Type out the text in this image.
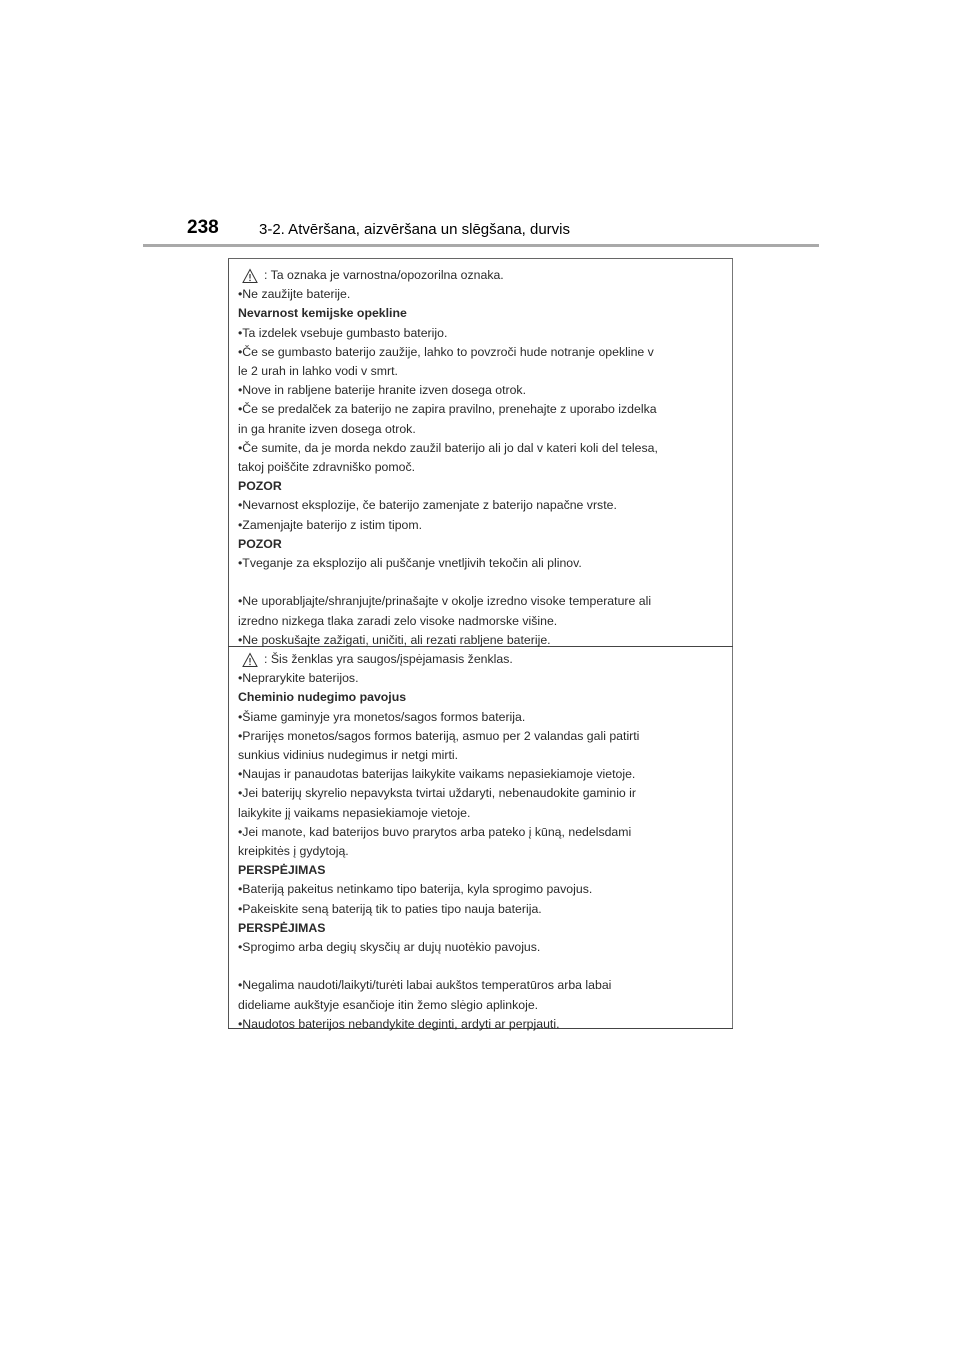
238	3-2. Atvēršana, aizvēršana un slēgšana, durvis

: Ta oznaka je varnostna/opozorilna oznaka.

•Ne zaužijte baterije.

Nevarnost kemijske opekline

•Ta izdelek vsebuje gumbasto baterijo.

•Če se gumbasto baterijo zaužije, lahko to povzroči hude notranje opekline v

le 2 urah in lahko vodi v smrt.

•Nove in rabljene baterije hranite izven dosega otrok.

•Če se predalček za baterijo ne zapira pravilno, prenehajte z uporabo izdelka

in ga hranite izven dosega otrok.

•Če sumite, da je morda nekdo zaužil baterijo ali jo dal v kateri koli del telesa,

takoj poiščite zdravniško pomoč.

POZOR

•Nevarnost eksplozije, če baterijo zamenjate z baterijo napačne vrste.

•Zamenjajte baterijo z istim tipom.

POZOR

•Tveganje za eksplozijo ali puščanje vnetljivih tekočin ali plinov.

•Ne uporabljajte/shranjujte/prinašajte v okolje izredno visoke temperature ali

izredno nizkega tlaka zaradi zelo visoke nadmorske višine.

•Ne poskušajte zažigati, uničiti, ali rezati rabljene baterije.

: Šis ženklas yra saugos/įspėjamasis ženklas.

•Neprarykite baterijos.

Cheminio nudegimo pavojus

•Šiame gaminyje yra monetos/sagos formos baterija.

•Prarijęs monetos/sagos formos bateriją, asmuo per 2 valandas gali patirti

sunkius vidinius nudegimus ir netgi mirti.

•Naujas ir panaudotas baterijas laikykite vaikams nepasiekiamoje vietoje.

•Jei baterijų skyrelio nepavyksta tvirtai uždaryti, nebenaudokite gaminio ir

laikykite jį vaikams nepasiekiamoje vietoje.

•Jei manote, kad baterijos buvo prarytos arba pateko į kūną, nedelsdami

kreipkitės į gydytoją.

PERSPĖJIMAS

•Bateriją pakeitus netinkamo tipo baterija, kyla sprogimo pavojus.

•Pakeiskite seną bateriją tik to paties tipo nauja baterija.

PERSPĖJIMAS

•Sprogimo arba degių skysčių ar dujų nuotėkio pavojus.

•Negalima naudoti/laikyti/turėti labai aukštos temperatūros arba labai

dideliame aukštyje esančioje itin žemo slėgio aplinkoje.

•Naudotos baterijos nebandykite deginti, ardyti ar perpjauti.
